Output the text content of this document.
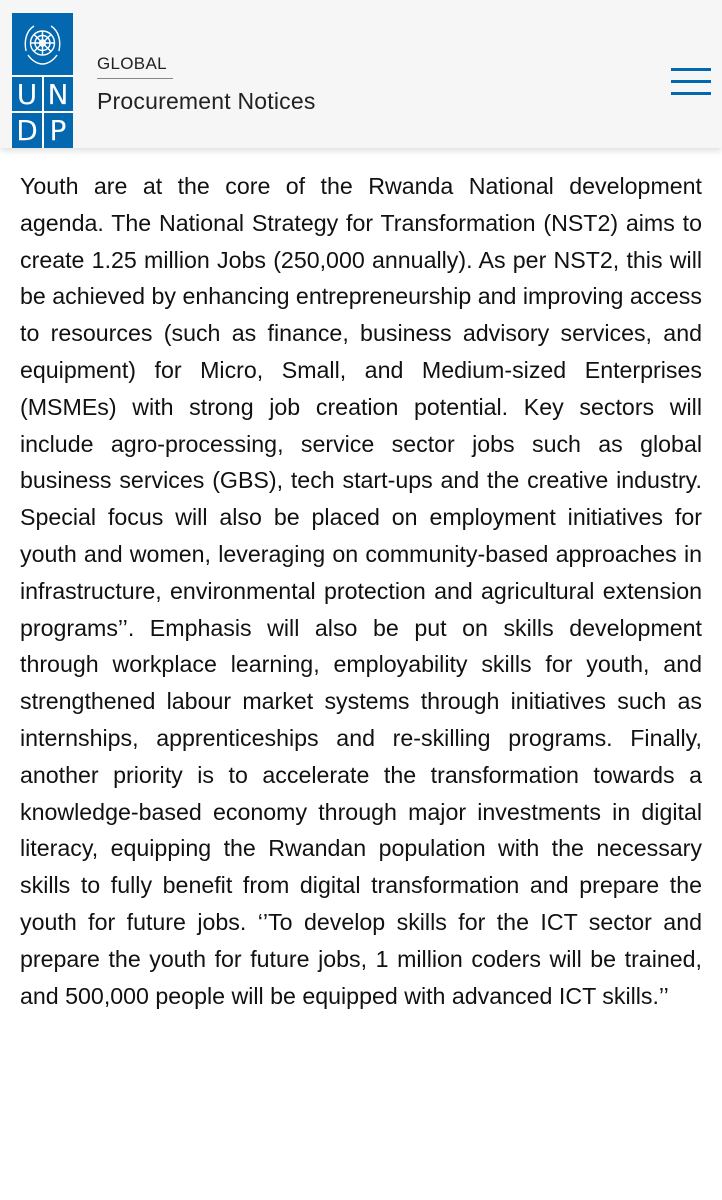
U N
D P
GLOBAL
Procurement Notices
Youth are at the core of the Rwanda National development agenda. The National Strategy for Transformation (NST2) aims to create 1.25 million Jobs (250,000 annually). As per NST2, this will be achieved by enhancing entrepreneurship and improving access to resources (such as finance, business advisory services, and equipment) for Micro, Small, and Medium-sized Enterprises (MSMEs) with strong job creation potential. Key sectors will include agro-processing, service sector jobs such as global business services (GBS), tech start-ups and the creative industry. Special focus will also be placed on employment initiatives for youth and women, leveraging on community-based approaches in infrastructure, environmental protection and agricultural extension programs’’. Emphasis will also be put on skills development through workplace learning, employability skills for youth, and strengthened labour market systems through initiatives such as internships, apprenticeships and re-skilling programs. Finally, another priority is to accelerate the transformation towards a knowledge-based economy through major investments in digital literacy, equipping the Rwandan population with the necessary skills to fully benefit from digital transformation and prepare the youth for future jobs. ‘’To develop skills for the ICT sector and prepare the youth for future jobs, 1 million coders will be trained, and 500,000 people will be equipped with advanced ICT skills.’’
